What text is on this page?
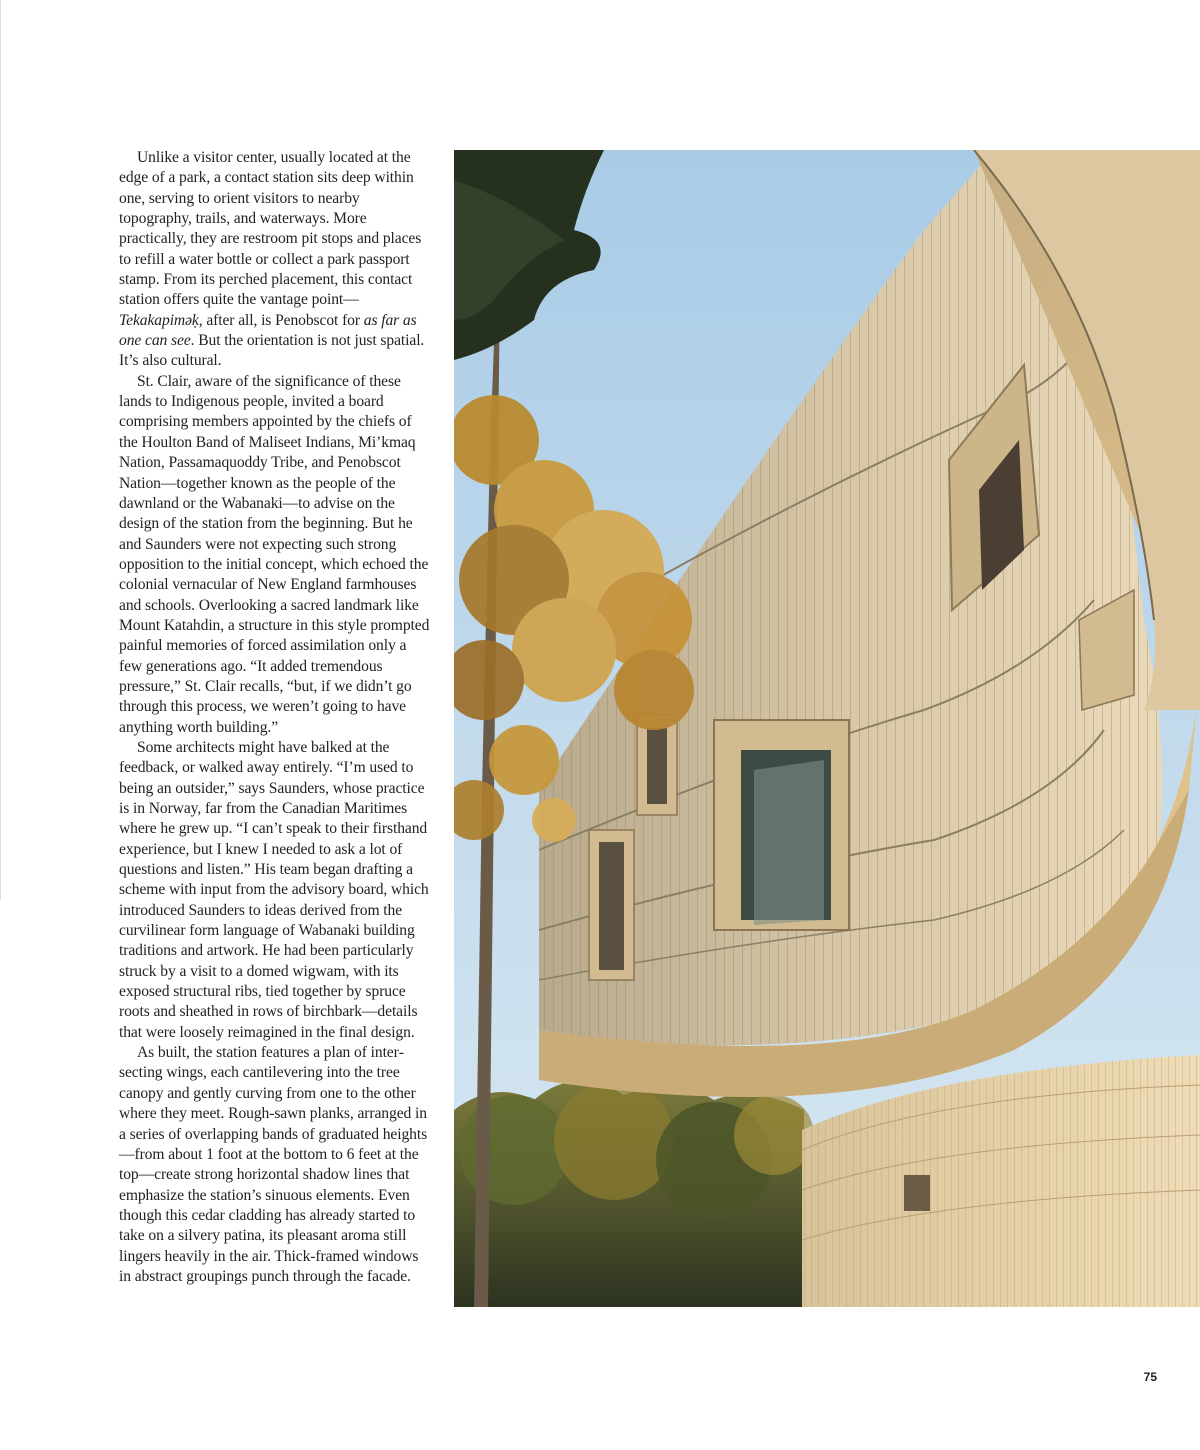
Unlike a visitor center, usually located at the edge of a park, a contact station sits deep within one, serving to orient visitors to nearby topography, trails, and waterways. More practically, they are restroom pit stops and places to refill a water bottle or collect a park passport stamp. From its perched placement, this contact station offers quite the vantage point—Tekakapiməḳ, after all, is Penobscot for as far as one can see. But the orientation is not just spatial. It’s also cultural.

St. Clair, aware of the significance of these lands to Indigenous people, invited a board comprising members appointed by the chiefs of the Houlton Band of Maliseet Indians, Mi’kmaq Nation, Passamaquoddy Tribe, and Penobscot Nation—together known as the people of the dawnland or the Wabanaki—to advise on the design of the station from the beginning. But he and Saunders were not expecting such strong opposition to the initial concept, which echoed the colonial vernacular of New England farmhouses and schools. Overlooking a sacred landmark like Mount Katahdin, a structure in this style prompted painful memories of forced assimilation only a few generations ago. “It added tremendous pressure,” St. Clair recalls, “but, if we didn’t go through this process, we weren’t going to have anything worth building.”

Some architects might have balked at the feedback, or walked away entirely. “I’m used to being an outsider,” says Saunders, whose practice is in Norway, far from the Canadian Maritimes where he grew up. “I can’t speak to their firsthand experience, but I knew I needed to ask a lot of questions and listen.” His team began drafting a scheme with input from the advisory board, which introduced Saunders to ideas derived from the curvilinear form language of Wabanaki building traditions and artwork. He had been particularly struck by a visit to a domed wigwam, with its exposed structural ribs, tied together by spruce roots and sheathed in rows of birchbark—details that were loosely reimagined in the final design.

As built, the station features a plan of intersecting wings, each cantilevering into the tree canopy and gently curving from one to the other where they meet. Rough-sawn planks, arranged in a series of overlapping bands of graduated heights—from about 1 foot at the bottom to 6 feet at the top—create strong horizontal shadow lines that emphasize the station’s sinuous elements. Even though this cedar cladding has already started to take on a silvery patina, its pleasant aroma still lingers heavily in the air. Thick-framed windows in abstract groupings punch through the facade.

75
